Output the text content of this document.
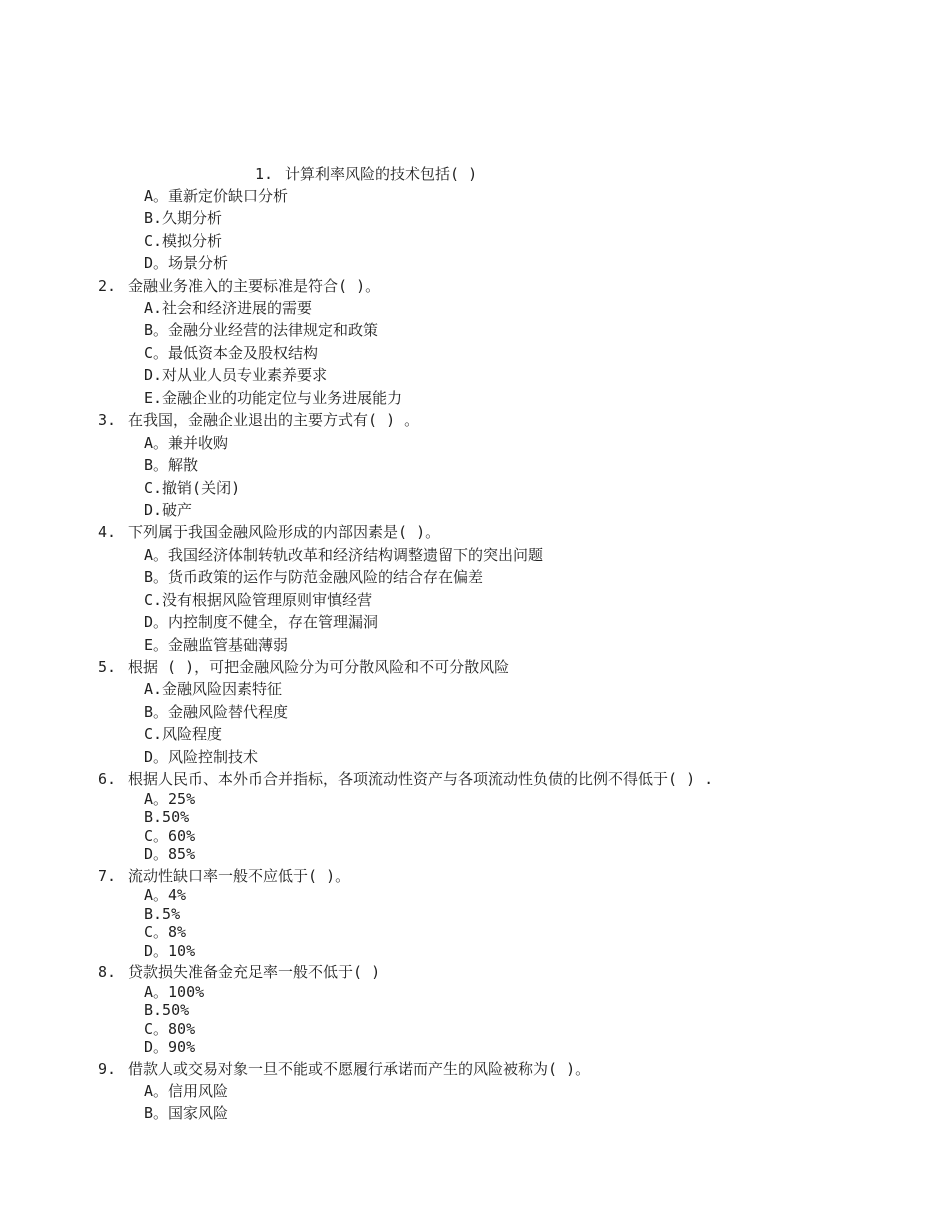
1. 计算利率风险的技术包括( )
A。重新定价缺口分析
B.久期分析
C.模拟分析
D。场景分析
2. 金融业务准入的主要标准是符合( )。
A.社会和经济进展的需要
B。金融分业经营的法律规定和政策
C。最低资本金及股权结构
D.对从业人员专业素养要求
E.金融企业的功能定位与业务进展能力
3. 在我国，金融企业退出的主要方式有( ) 。
A。兼并收购
B。解散
C.撤销(关闭)
D.破产
4. 下列属于我国金融风险形成的内部因素是( )。
A。我国经济体制转轨改革和经济结构调整遗留下的突出问题
B。货币政策的运作与防范金融风险的结合存在偏差
C.没有根据风险管理原则审慎经营
D。内控制度不健全，存在管理漏洞
E。金融监管基础薄弱
5. 根据 ( )，可把金融风险分为可分散风险和不可分散风险
A.金融风险因素特征
B。金融风险替代程度
C.风险程度
D。风险控制技术
6. 根据人民币、本外币合并指标，各项流动性资产与各项流动性负债的比例不得低于( ) .
A。25%
B.50%
C。60%
D。85%
7. 流动性缺口率一般不应低于( )。
A。4%
B.5%
C。8%
D。10%
8. 贷款损失准备金充足率一般不低于( )
A。100%
B.50%
C。80%
D。90%
9. 借款人或交易对象一旦不能或不愿履行承诺而产生的风险被称为( )。
A。信用风险
B。国家风险
